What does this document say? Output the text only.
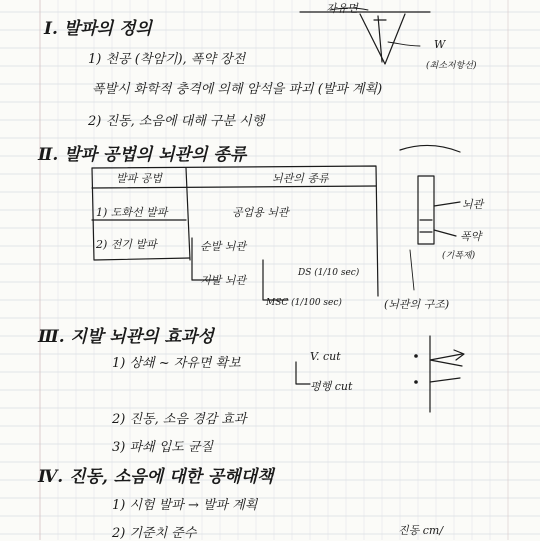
자유면
W
(최소저항선)
Ⅰ. 발파의 정의
1) 천공 (착암기), 폭약 장전
폭발시 화학적 충격에 의해 암석을 파괴 (발파 계획)
2) 진동, 소음에 대해 구분 시행
Ⅱ. 발파 공법의 뇌관의 종류
발파 공법	뇌관의 종류
1) 도화선 발파	공업용 뇌관
2) 전기 발파	순발 뇌관
지발 뇌관
DS (1/10 sec)
MSC (1/100 sec)
뇌관
폭약
(기폭제)
(뇌관의 구조)
Ⅲ. 지발 뇌관의 효과성
1) 상쇄 ~ 자유면 확보	V. cut
평행 cut
2) 진동, 소음 경감 효과
3) 파쇄 입도 균질
Ⅳ. 진동, 소음에 대한 공해대책
1) 시험 발파 → 발파 계획
2) 기준치 준수	진동 cm/
